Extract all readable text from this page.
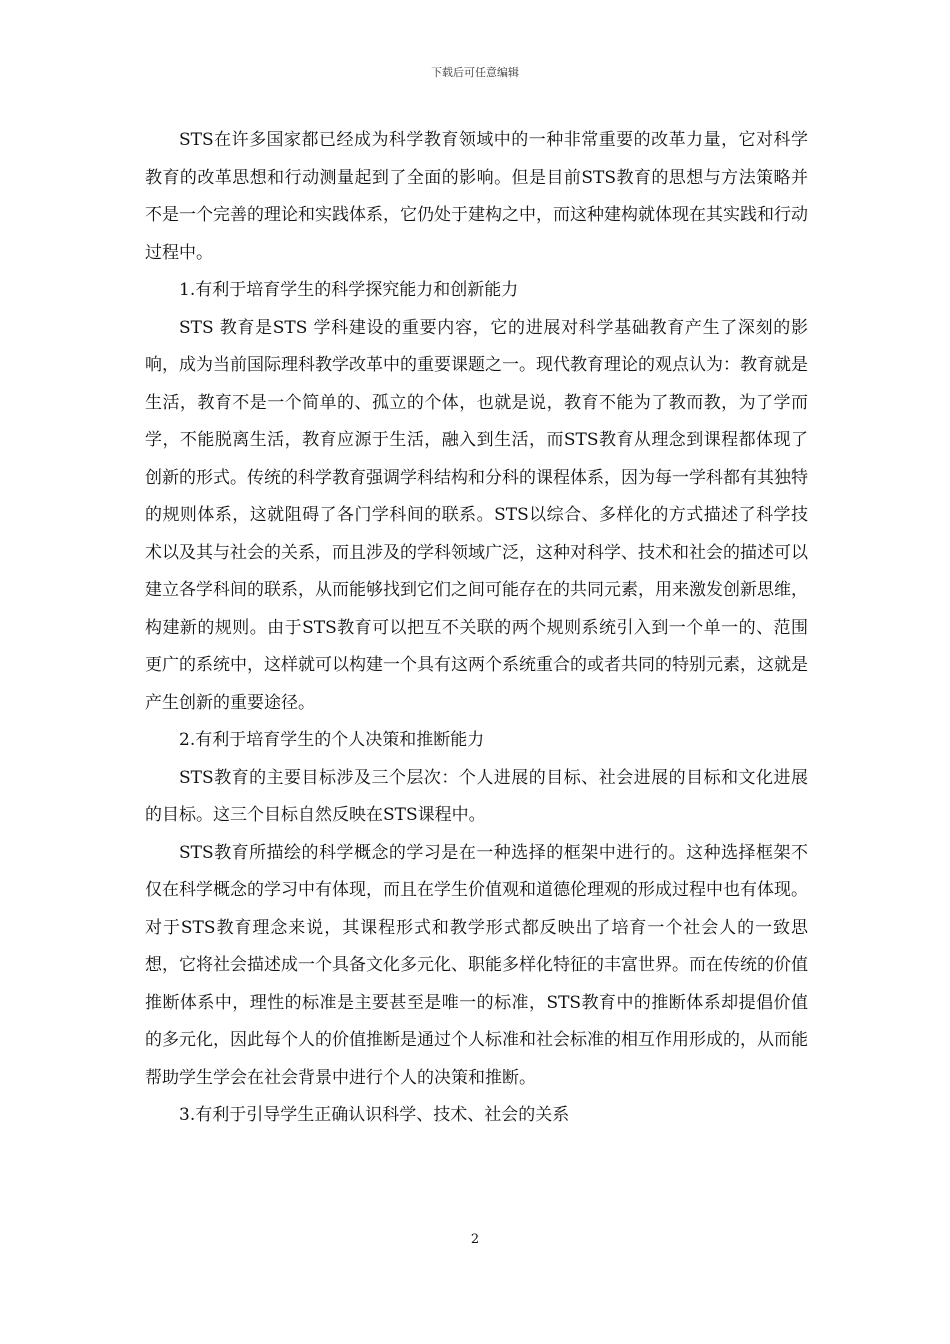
下载后可任意编辑

STS在许多国家都已经成为科学教育领域中的一种非常重要的改革力量，它对科学教育的改革思想和行动测量起到了全面的影响。但是目前STS教育的思想与方法策略并不是一个完善的理论和实践体系，它仍处于建构之中，而这种建构就体现在其实践和行动过程中。

1.有利于培育学生的科学探究能力和创新能力

STS 教育是STS 学科建设的重要内容，它的进展对科学基础教育产生了深刻的影响，成为当前国际理科教学改革中的重要课题之一。现代教育理论的观点认为：教育就是生活，教育不是一个简单的、孤立的个体，也就是说，教育不能为了教而教，为了学而学，不能脱离生活，教育应源于生活，融入到生活，而STS教育从理念到课程都体现了创新的形式。传统的科学教育强调学科结构和分科的课程体系，因为每一学科都有其独特的规则体系，这就阻碍了各门学科间的联系。STS以综合、多样化的方式描述了科学技术以及其与社会的关系，而且涉及的学科领域广泛，这种对科学、技术和社会的描述可以建立各学科间的联系，从而能够找到它们之间可能存在的共同元素，用来激发创新思维，构建新的规则。由于STS教育可以把互不关联的两个规则系统引入到一个单一的、范围更广的系统中，这样就可以构建一个具有这两个系统重合的或者共同的特别元素，这就是产生创新的重要途径。

2.有利于培育学生的个人决策和推断能力

STS教育的主要目标涉及三个层次：个人进展的目标、社会进展的目标和文化进展的目标。这三个目标自然反映在STS课程中。

STS教育所描绘的科学概念的学习是在一种选择的框架中进行的。这种选择框架不仅在科学概念的学习中有体现，而且在学生价值观和道德伦理观的形成过程中也有体现。对于STS教育理念来说，其课程形式和教学形式都反映出了培育一个社会人的一致思想，它将社会描述成一个具备文化多元化、职能多样化特征的丰富世界。而在传统的价值推断体系中，理性的标准是主要甚至是唯一的标准，STS教育中的推断体系却提倡价值的多元化，因此每个人的价值推断是通过个人标准和社会标准的相互作用形成的，从而能帮助学生学会在社会背景中进行个人的决策和推断。

3.有利于引导学生正确认识科学、技术、社会的关系

2
